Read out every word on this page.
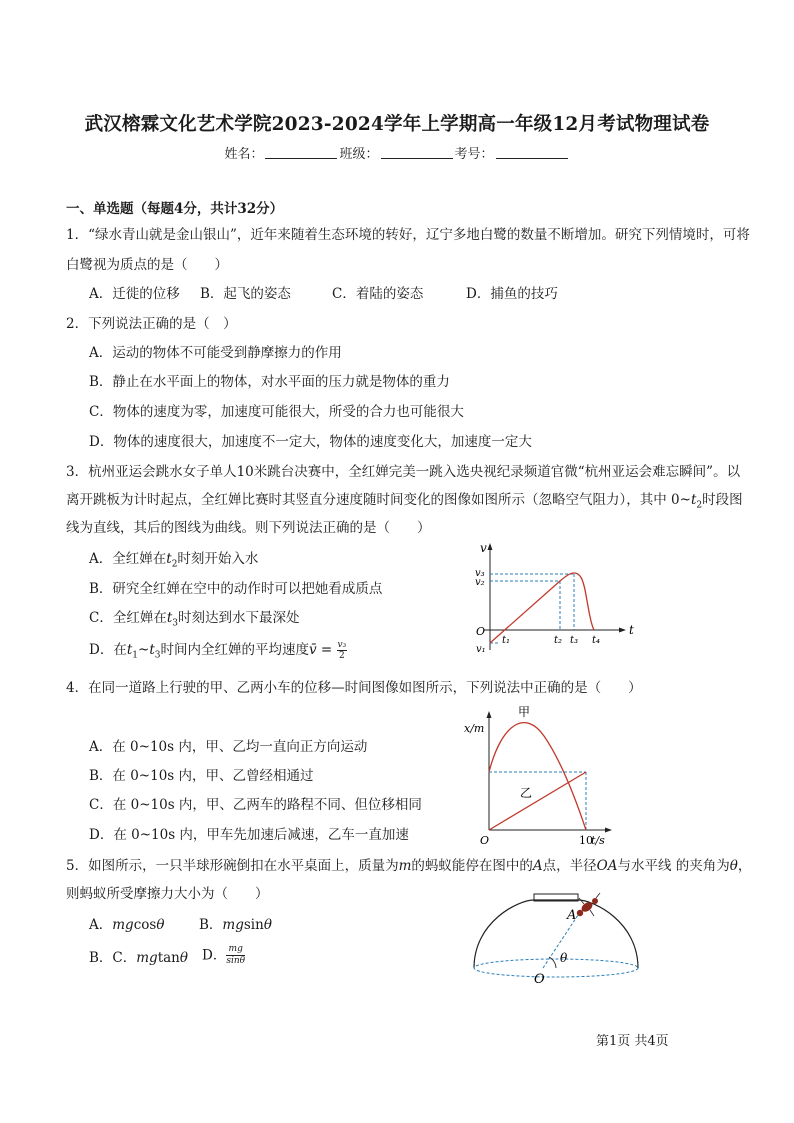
武汉榕霖文化艺术学院2023-2024学年上学期高一年级12月考试物理试卷
姓名：	班级：	考号：
一、单选题（每题4分，共计32分）
1．“绿水青山就是金山银山”，近年来随着生态环境的转好，辽宁多地白鹭的数量不断增加。研究下列情境时，可将
白鹭视为质点的是（　　）
A．迁徙的位移 B．起飞的姿态	C．着陆的姿态	D．捕鱼的技巧
2．下列说法正确的是（　）
A．运动的物体不可能受到静摩擦力的作用
B．静止在水平面上的物体，对水平面的压力就是物体的重力
C．物体的速度为零，加速度可能很大，所受的合力也可能很大
D．物体的速度很大，加速度不一定大，物体的速度变化大，加速度一定大
3．杭州亚运会跳水女子单人10米跳台决赛中，全红婵完美一跳入选央视纪录频道官微“杭州亚运会难忘瞬间”。以
离开跳板为计时起点，全红婵比赛时其竖直分速度随时间变化的图像如图所示（忽略空气阻力），其中 $0\sim t_2$时段图
线为直线，其后的图线为曲线。则下列说法正确的是（　　）
A．全红婵在$t_2$时刻开始入水
B．研究全红婵在空中的动作时可以把她看成质点
C．全红婵在$t_3$时刻达到水下最深处
D．在$t_1\sim t_3$时间内全红婵的平均速度v̄ = $\frac{\text{v₃}}{2}$
v
t
O
v₃
v₂
v₁
t₁	t₂ t₃ t₄
4．在同一道路上行驶的甲、乙两小车的位移—时间图像如图所示，下列说法中正确的是（　　）
A．在 0~10s 内，甲、乙均一直向正方向运动
B．在 0~10s 内，甲、乙曾经相通过
C．在 0~10s 内，甲、乙两车的路程不同、但位移相同
D．在 0~10s 内，甲车先加速后减速，乙车一直加速
x/m
t/s
O	10
甲
乙
5．如图所示，一只半球形碗倒扣在水平桌面上，质量为m的蚂蚁能停在图中的A点，半径OA与水平线 的夹角为θ，
则蚂蚁所受摩擦力大小为（　　）
A．mgcosθ	B．mgsinθ
B．C．mgtanθ D． $\frac{mg}{\sin\theta}$
A
O
θ
第1页 共4页
